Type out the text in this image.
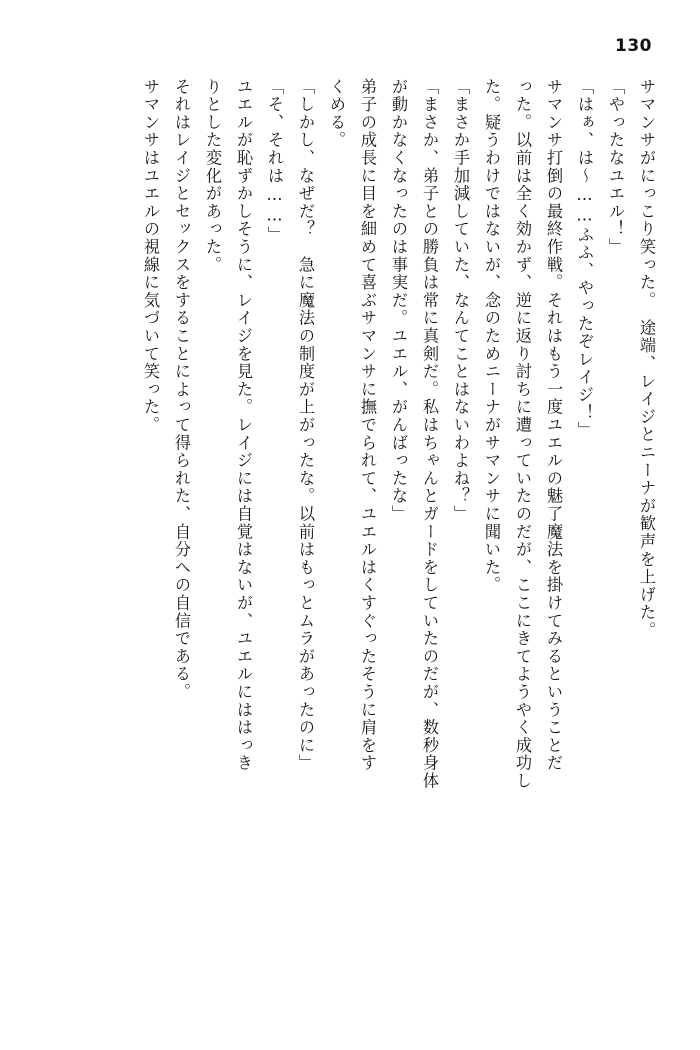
130
サマンサがにっこり笑った。　途端、レイジとニーナが歓声を上げた。
「やったなユエル！」
「はぁ、は～……ふふ、やったぞレイジ！」
サマンサ打倒の最終作戦。それはもう一度ユエルの魅了魔法を掛けてみるということだ
った。以前は全く効かず、逆に返り討ちに遭っていたのだが、ここにきてようやく成功し
た。疑うわけではないが、念のためニーナがサマンサに聞いた。
「まさか手加減していた、なんてことはないわよね？」
「まさか、弟子との勝負は常に真剣だ。私はちゃんとガードをしていたのだが、数秒身体
が動かなくなったのは事実だ。ユエル、がんばったな」
弟子の成長に目を細めて喜ぶサマンサに撫でられて、ユエルはくすぐったそうに肩をす
くめる。
「しかし、なぜだ？　急に魔法の制度が上がったな。以前はもっとムラがあったのに」
「そ、それは……」
ユエルが恥ずかしそうに、レイジを見た。レイジには自覚はないが、ユエルにははっき
りとした変化があった。
それはレイジとセックスをすることによって得られた、自分への自信である。
サマンサはユエルの視線に気づいて笑った。
